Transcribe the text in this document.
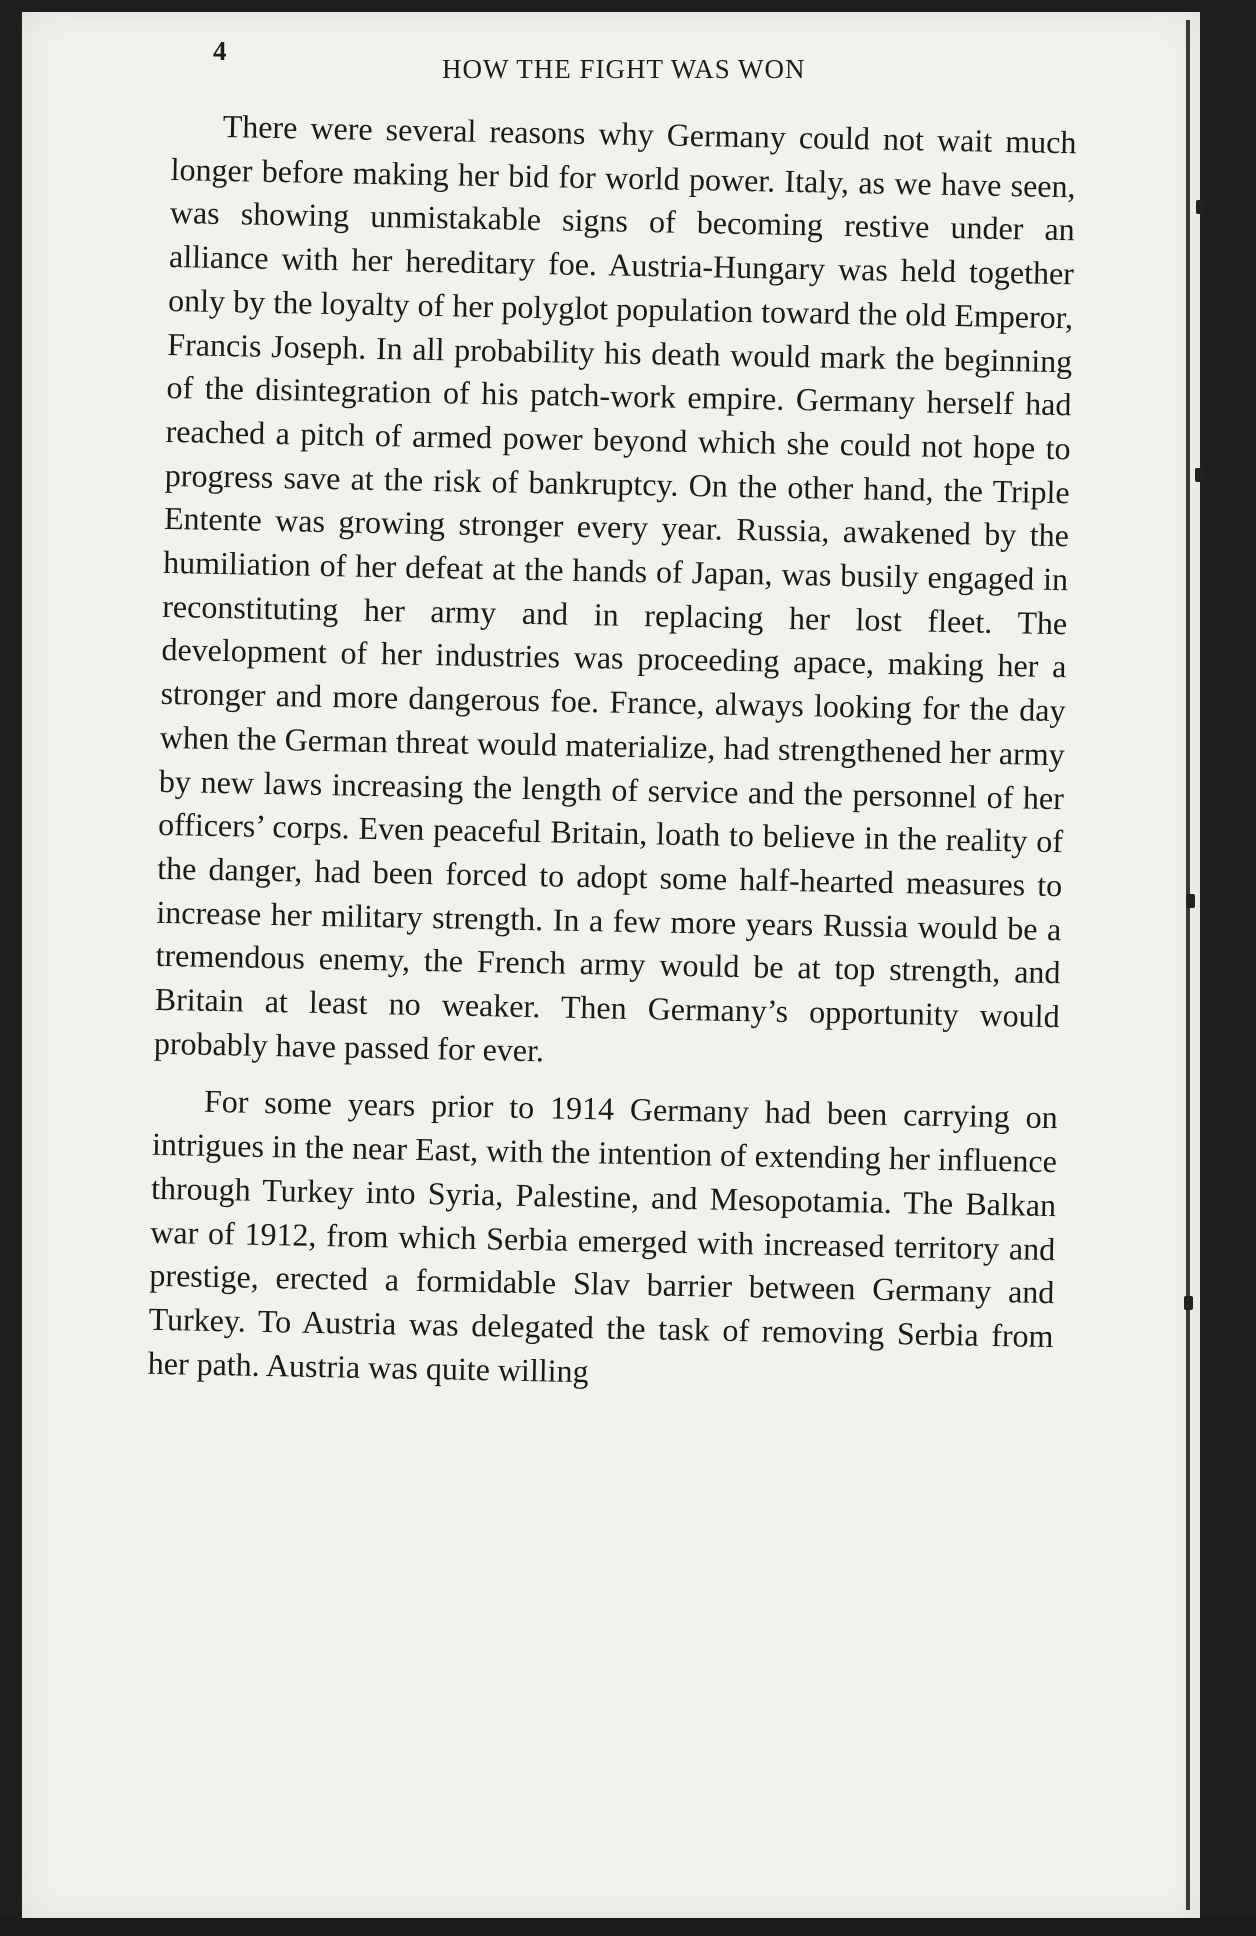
4
HOW THE FIGHT WAS WON

There were several reasons why Germany could not wait much longer before making her bid for world power. Italy, as we have seen, was showing unmistakable signs of becoming restive under an alliance with her hereditary foe. Austria-Hungary was held together only by the loyalty of her polyglot population toward the old Emperor, Francis Joseph. In all probability his death would mark the beginning of the disintegration of his patch-work empire. Germany herself had reached a pitch of armed power beyond which she could not hope to progress save at the risk of bankruptcy. On the other hand, the Triple Entente was growing stronger every year. Russia, awakened by the humiliation of her defeat at the hands of Japan, was busily engaged in reconstituting her army and in replacing her lost fleet. The development of her industries was proceeding apace, making her a stronger and more dangerous foe. France, always looking for the day when the German threat would materialize, had strengthened her army by new laws increasing the length of service and the personnel of her officers’ corps. Even peaceful Britain, loath to believe in the reality of the danger, had been forced to adopt some half-hearted measures to increase her military strength. In a few more years Russia would be a tremendous enemy, the French army would be at top strength, and Britain at least no weaker. Then Germany’s opportunity would probably have passed for ever.

For some years prior to 1914 Germany had been carrying on intrigues in the near East, with the intention of extending her influence through Turkey into Syria, Palestine, and Mesopotamia. The Balkan war of 1912, from which Serbia emerged with increased territory and prestige, erected a formidable Slav barrier between Germany and Turkey. To Austria was delegated the task of removing Serbia from her path. Austria was quite willing
